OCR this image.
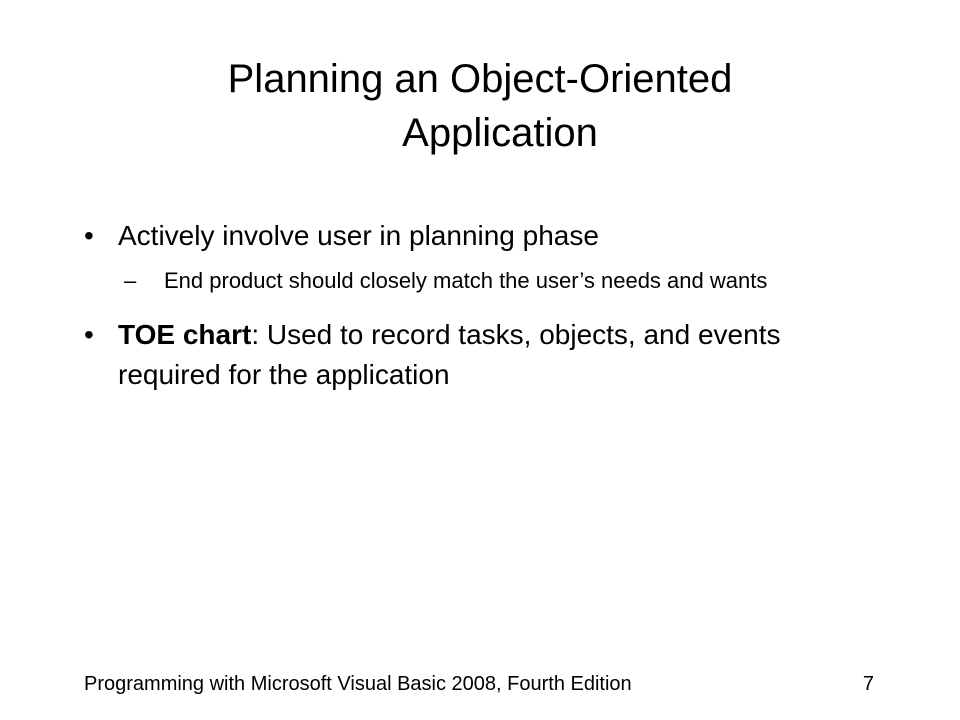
Planning an Object-Oriented
Application
• Actively involve user in planning phase
– End product should closely match the user’s needs and wants
• TOE chart: Used to record tasks, objects, and events required for the application
Programming with Microsoft Visual Basic 2008, Fourth Edition	7
